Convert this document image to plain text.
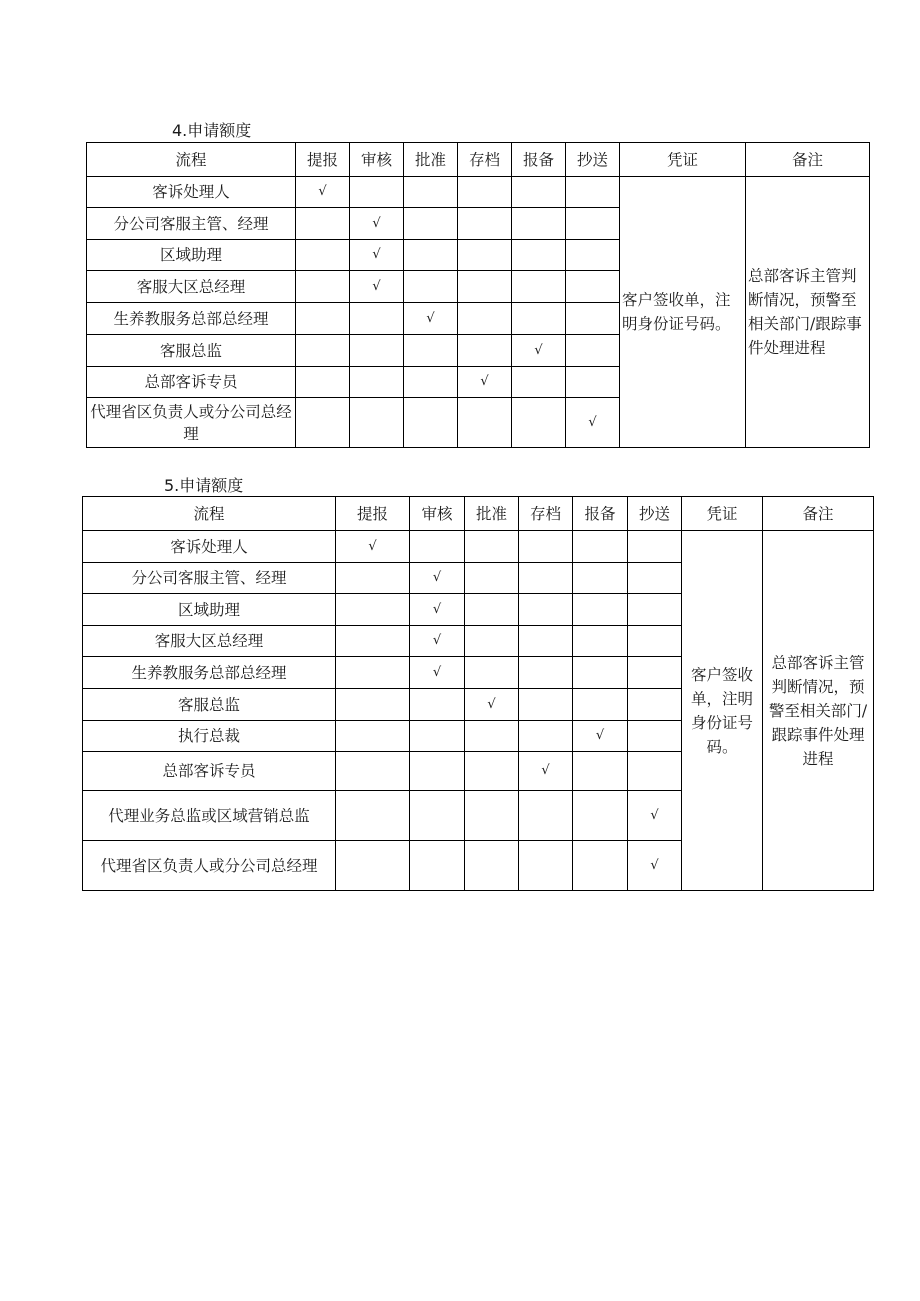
4.申请额度
流程	提报	审核	批准	存档	报备	抄送	凭证	备注
客诉处理人	√						客户签收单，注明身份证号码。	总部客诉主管判断情况，预警至相关部门/跟踪事件处理进程
分公司客服主管、经理		√						
区域助理		√						
客服大区总经理		√						
生养教服务总部总经理			√					
客服总监					√			
总部客诉专员				√				
代理省区负责人或分公司总经理						√		
5.申请额度
流程	提报	审核	批准	存档	报备	抄送	凭证	备注
客诉处理人	√						客户签收单，注明身份证号码。	总部客诉主管判断情况，预警至相关部门/跟踪事件处理进程
分公司客服主管、经理		√						
区域助理		√						
客服大区总经理		√						
生养教服务总部总经理		√						
客服总监			√					
执行总裁					√			
总部客诉专员				√				
代理业务总监或区域营销总监						√		
代理省区负责人或分公司总经理						√		
